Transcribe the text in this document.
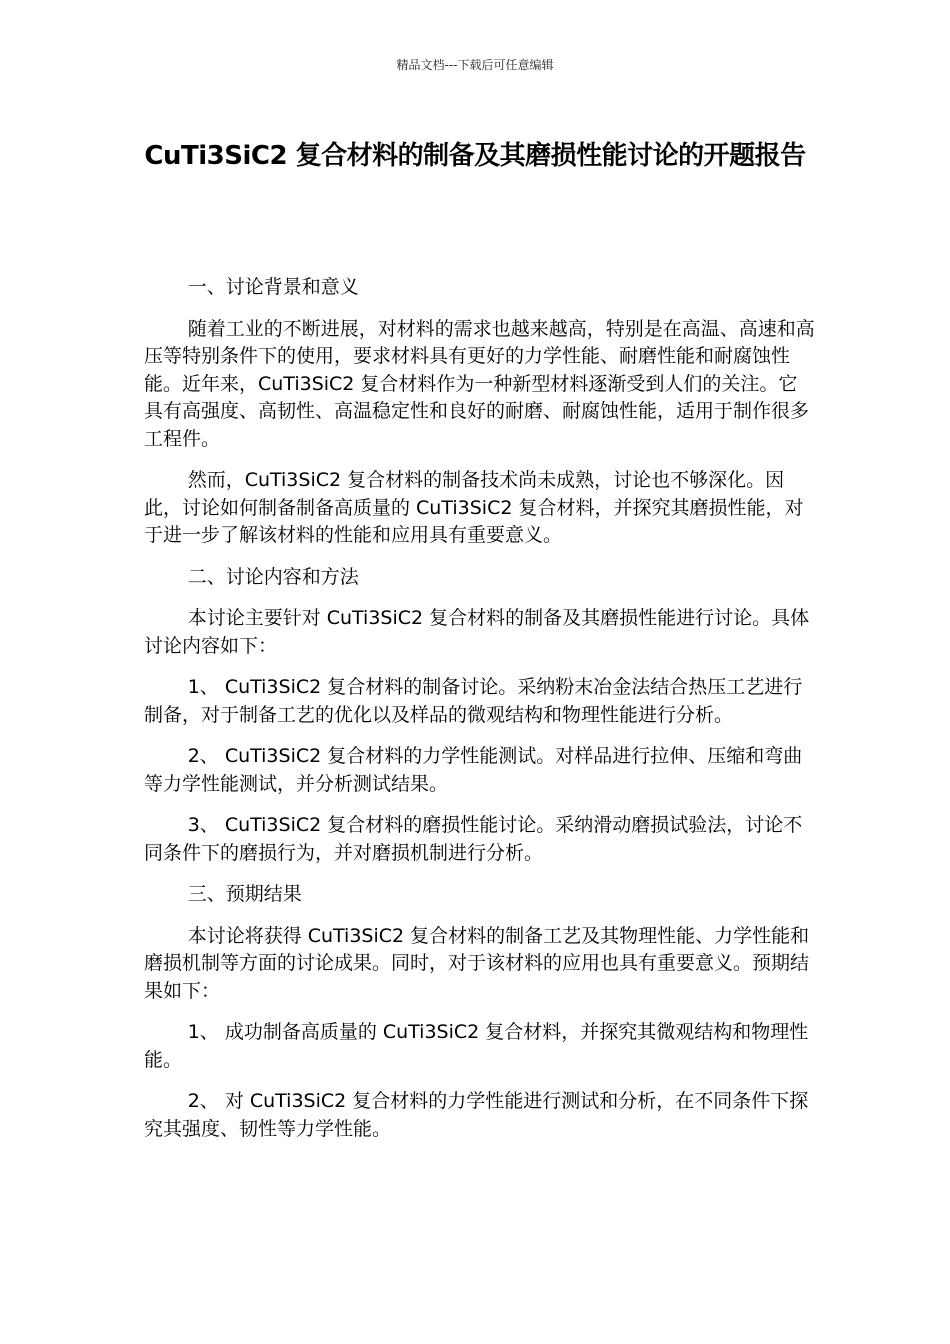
精品文档---下载后可任意编辑
CuTi3SiC2 复合材料的制备及其磨损性能讨论的开题报告

一、讨论背景和意义

随着工业的不断进展，对材料的需求也越来越高，特别是在高温、高速和高压等特别条件下的使用，要求材料具有更好的力学性能、耐磨性能和耐腐蚀性能。近年来，CuTi3SiC2 复合材料作为一种新型材料逐渐受到人们的关注。它具有高强度、高韧性、高温稳定性和良好的耐磨、耐腐蚀性能，适用于制作很多工程件。

然而，CuTi3SiC2 复合材料的制备技术尚未成熟，讨论也不够深化。因此，讨论如何制备制备高质量的 CuTi3SiC2 复合材料，并探究其磨损性能，对于进一步了解该材料的性能和应用具有重要意义。

二、讨论内容和方法

本讨论主要针对 CuTi3SiC2 复合材料的制备及其磨损性能进行讨论。具体讨论内容如下：

1、 CuTi3SiC2 复合材料的制备讨论。采纳粉末冶金法结合热压工艺进行制备，对于制备工艺的优化以及样品的微观结构和物理性能进行分析。

2、 CuTi3SiC2 复合材料的力学性能测试。对样品进行拉伸、压缩和弯曲等力学性能测试，并分析测试结果。

3、 CuTi3SiC2 复合材料的磨损性能讨论。采纳滑动磨损试验法，讨论不同条件下的磨损行为，并对磨损机制进行分析。

三、预期结果

本讨论将获得 CuTi3SiC2 复合材料的制备工艺及其物理性能、力学性能和磨损机制等方面的讨论成果。同时，对于该材料的应用也具有重要意义。预期结果如下：

1、 成功制备高质量的 CuTi3SiC2 复合材料，并探究其微观结构和物理性能。

2、 对 CuTi3SiC2 复合材料的力学性能进行测试和分析，在不同条件下探究其强度、韧性等力学性能。
